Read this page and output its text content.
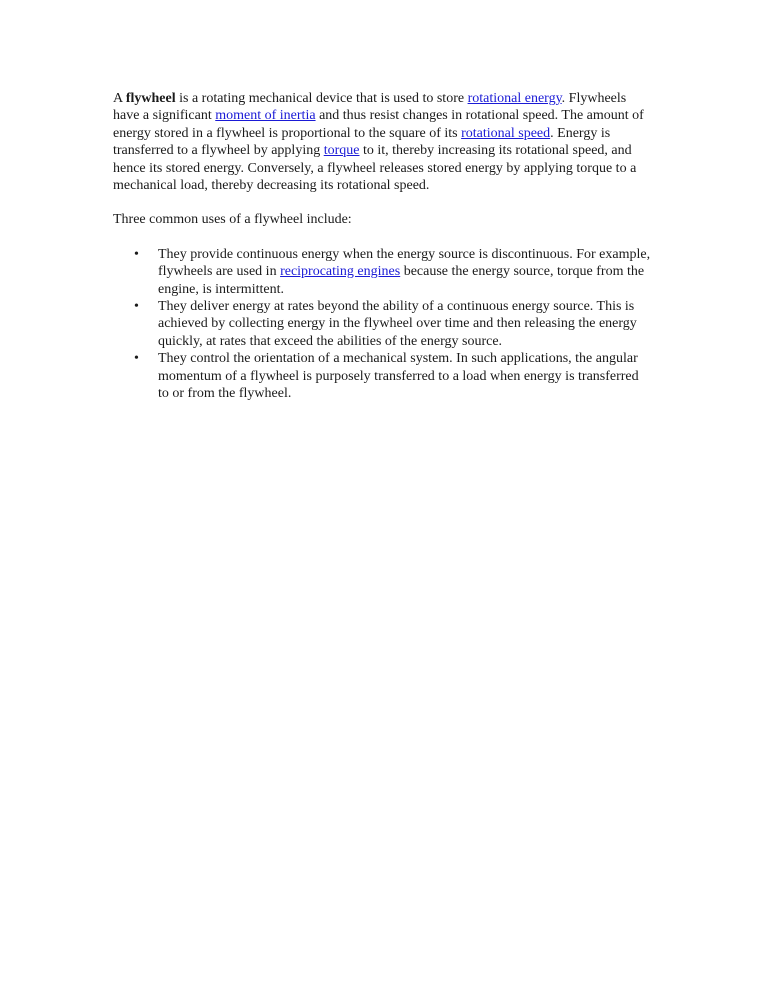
A flywheel is a rotating mechanical device that is used to store rotational energy. Flywheels have a significant moment of inertia and thus resist changes in rotational speed. The amount of energy stored in a flywheel is proportional to the square of its rotational speed. Energy is transferred to a flywheel by applying torque to it, thereby increasing its rotational speed, and hence its stored energy. Conversely, a flywheel releases stored energy by applying torque to a mechanical load, thereby decreasing its rotational speed.

Three common uses of a flywheel include:

• They provide continuous energy when the energy source is discontinuous. For example, flywheels are used in reciprocating engines because the energy source, torque from the engine, is intermittent.
• They deliver energy at rates beyond the ability of a continuous energy source. This is achieved by collecting energy in the flywheel over time and then releasing the energy quickly, at rates that exceed the abilities of the energy source.
• They control the orientation of a mechanical system. In such applications, the angular momentum of a flywheel is purposely transferred to a load when energy is transferred to or from the flywheel.
